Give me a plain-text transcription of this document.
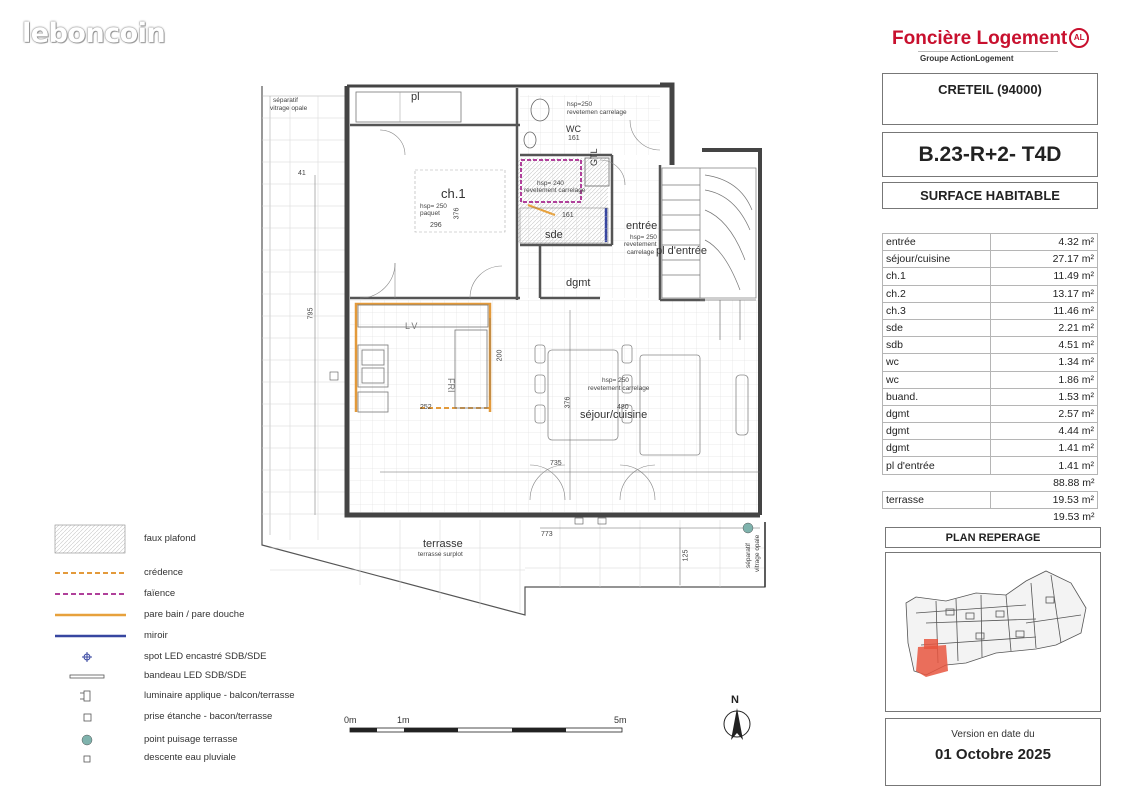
leboncoin	Foncière Logement AL
Groupe ActionLogement
CRETEIL (94000)
B.23-R+2- T4D
SURFACE HABITABLE
entrée	4.32 m²
séjour/cuisine	27.17 m²
ch.1	11.49 m²
ch.2	13.17 m²
ch.3	11.46 m²
sde	2.21 m²
sdb	4.51 m²
wc	1.34 m²
wc	1.86 m²
buand.	1.53 m²
dgmt	2.57 m²
dgmt	4.44 m²
dgmt	1.41 m²
pl d'entrée	1.41 m²
	88.88 m²
terrasse	19.53 m²
	19.53 m²
PLAN REPERAGE
Version en date du
01 Octobre 2025
pl
ch.1
WC
GTL
sde
entrée
pl d'entrée
dgmt
séjour/cuisine
terrasse
terrasse surplot
LV
FRI
séparatif
vitrage opale
hsp= 250
paquet
hsp=250
revetemen carrelage
hsp= 240
revetement carrelage
hsp= 250
revetement
carrelage
hsp= 250
revetement carrelage
séparatif vitrage opale
296
376
795
161
161
200
252	376	480
735
773
125
41
0m	1m	5m
N
faux plafond
crédence
faïence
pare bain / pare douche
miroir
spot LED encastré SDB/SDE
bandeau LED SDB/SDE
luminaire applique - balcon/terrasse
prise étanche - bacon/terrasse
point puisage terrasse
descente eau pluviale
